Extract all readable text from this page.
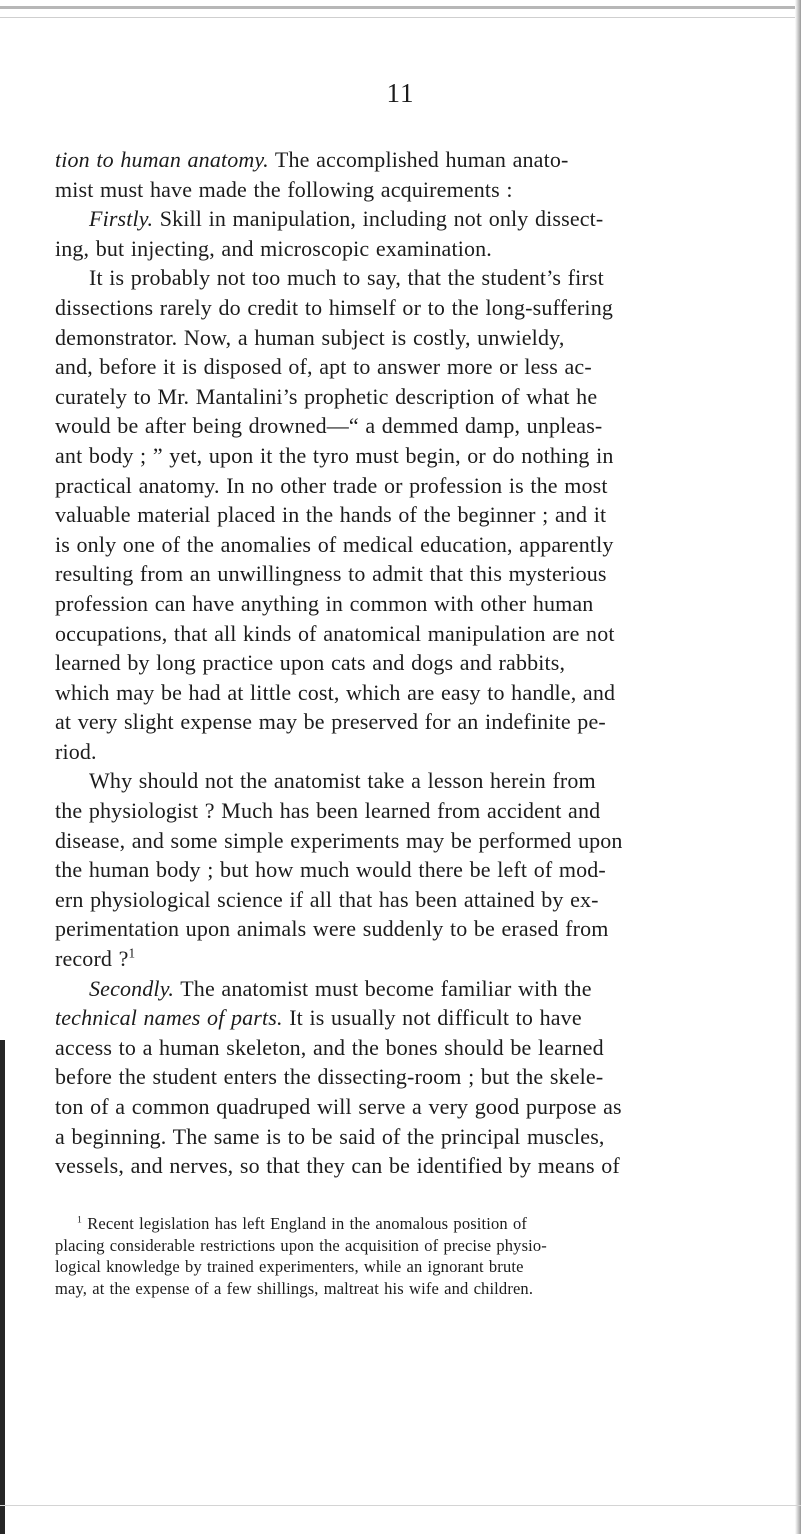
11
tion to human anatomy. The accomplished human anato-
mist must have made the following acquirements :
Firstly. Skill in manipulation, including not only dissect-
ing, but injecting, and microscopic examination.
It is probably not too much to say, that the student’s first
dissections rarely do credit to himself or to the long-suffering
demonstrator. Now, a human subject is costly, unwieldy,
and, before it is disposed of, apt to answer more or less ac-
curately to Mr. Mantalini’s prophetic description of what he
would be after being drowned—“ a demmed damp, unpleas-
ant body ; ” yet, upon it the tyro must begin, or do nothing in
practical anatomy. In no other trade or profession is the most
valuable material placed in the hands of the beginner ; and it
is only one of the anomalies of medical education, apparently
resulting from an unwillingness to admit that this mysterious
profession can have anything in common with other human
occupations, that all kinds of anatomical manipulation are not
learned by long practice upon cats and dogs and rabbits,
which may be had at little cost, which are easy to handle, and
at very slight expense may be preserved for an indefinite pe-
riod.
Why should not the anatomist take a lesson herein from
the physiologist ? Much has been learned from accident and
disease, and some simple experiments may be performed upon
the human body ; but how much would there be left of mod-
ern physiological science if all that has been attained by ex-
perimentation upon animals were suddenly to be erased from
record ?$^1$
Secondly. The anatomist must become familiar with the
technical names of parts. It is usually not difficult to have
access to a human skeleton, and the bones should be learned
before the student enters the dissecting-room ; but the skele-
ton of a common quadruped will serve a very good purpose as
a beginning. The same is to be said of the principal muscles,
vessels, and nerves, so that they can be identified by means of
$^1$ Recent legislation has left England in the anomalous position of
placing considerable restrictions upon the acquisition of precise physio-
logical knowledge by trained experimenters, while an ignorant brute
may, at the expense of a few shillings, maltreat his wife and children.
